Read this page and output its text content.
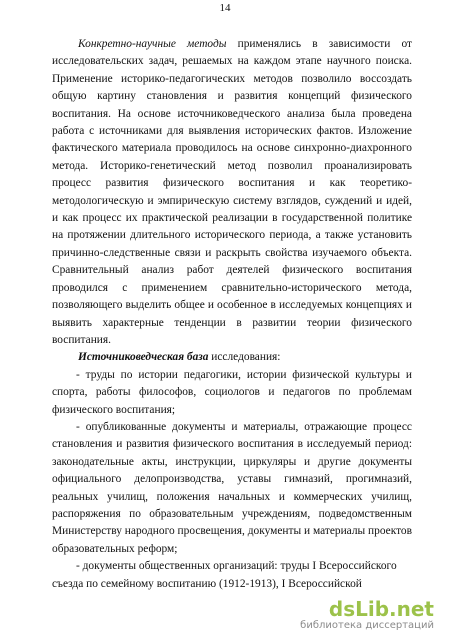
14

Конкретно-научные методы применялись в зависимости от исследовательских задач, решаемых на каждом этапе научного поиска. Применение историко-педагогических методов позволило воссоздать общую картину становления и развития концепций физического воспитания. На основе источниковедческого анализа была проведена работа с источниками для выявления исторических фактов. Изложение фактического материала проводилось на основе синхронно-диахронного метода. Историко-генетический метод позволил проанализировать процесс развития физического воспитания и как теоретико-методологическую и эмпирическую систему взглядов, суждений и идей, и как процесс их практической реализации в государственной политике на протяжении длительного исторического периода, а также установить причинно-следственные связи и раскрыть свойства изучаемого объекта. Сравнительный анализ работ деятелей физического воспитания проводился с применением сравнительно-исторического метода, позволяющего выделить общее и особенное в исследуемых концепциях и выявить характерные тенденции в развитии теории физического воспитания.

Источниковедческая база исследования:

- труды по истории педагогики, истории физической культуры и спорта, работы философов, социологов и педагогов по проблемам физического воспитания;

- опубликованные документы и материалы, отражающие процесс становления и развития физического воспитания в исследуемый период: законодательные акты, инструкции, циркуляры и другие документы официального делопроизводства, уставы гимназий, прогимназий, реальных училищ, положения начальных и коммерческих училищ, распоряжения по образовательным учреждениям, подведомственным Министерству народного просвещения, документы и материалы проектов образовательных реформ;

- документы общественных организаций: труды I Всероссийского
съезда по семейному воспитанию (1912-1913), I Всероссийской

dsLib.net
библиотека диссертаций
